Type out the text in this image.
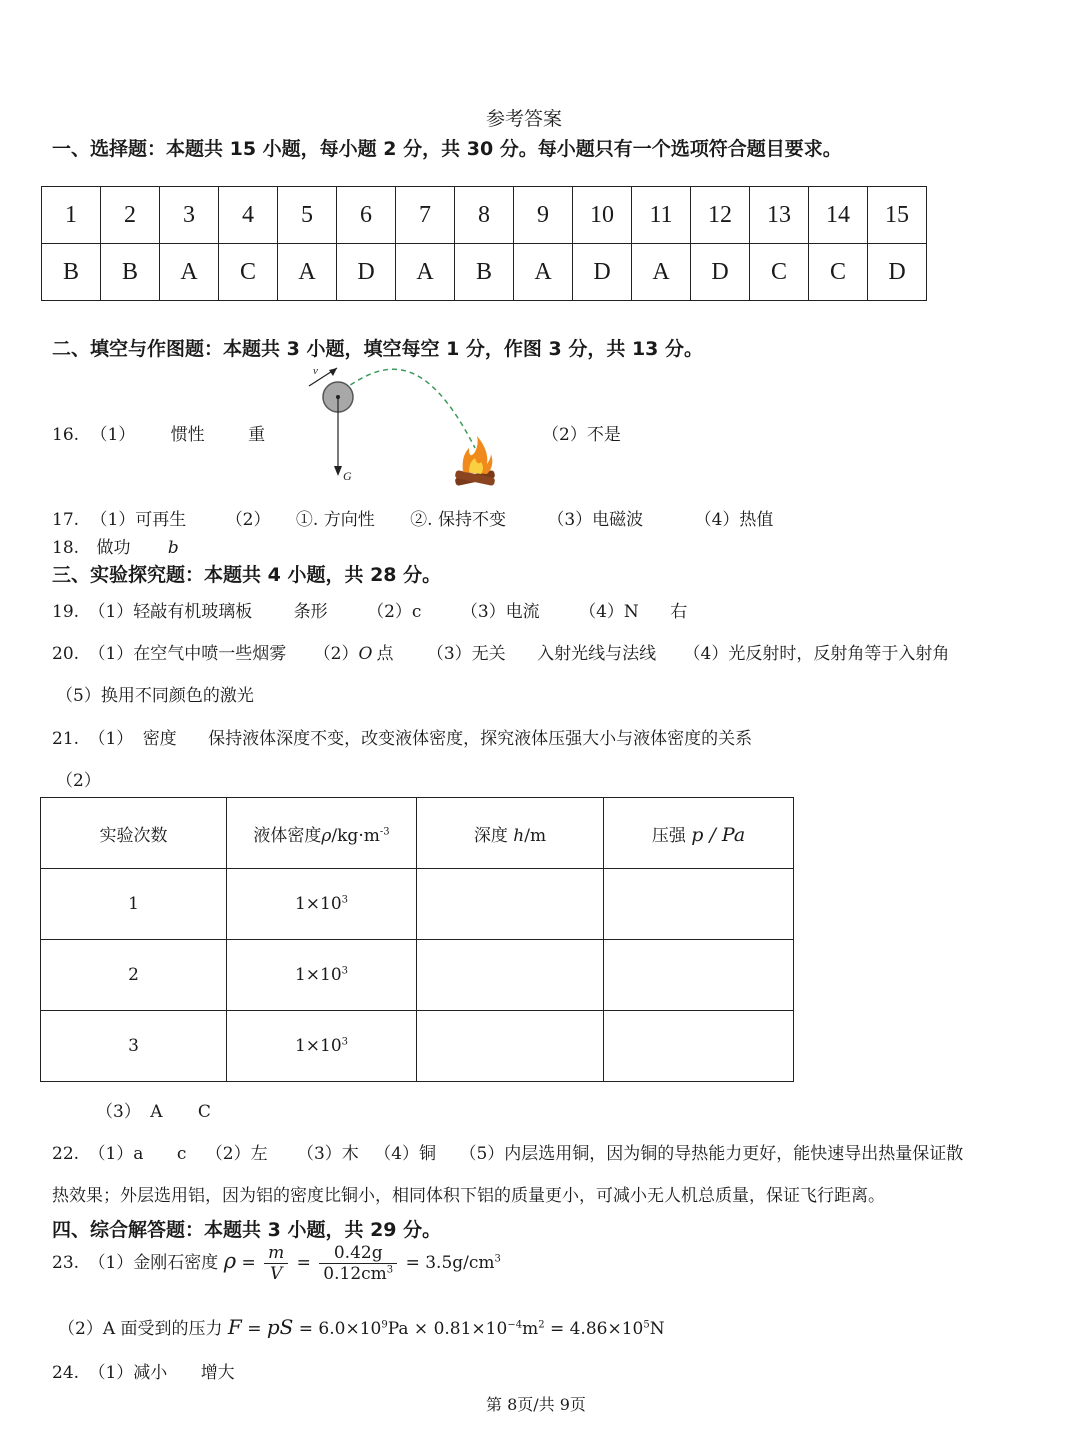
参考答案
一、选择题：本题共 15 小题，每小题 2 分，共 30 分。每小题只有一个选项符合题目要求。
1	2	3	4	5	6	7	8	9	10	11	12	13	14	15
B	B	A	C	A	D	A	B	A	D	A	D	C	C	D
二、填空与作图题：本题共 3 小题，填空每空 1 分，作图 3 分，共 13 分。
16. （1） 惯性	重	（2）不是
v
G
17. （1）可再生 （2） ①. 方向性 ②. 保持不变 （3）电磁波	（4）热值
18. 做功 b
三、实验探究题：本题共 4 小题，共 28 分。
19. （1）轻敲有机玻璃板 条形 （2）c （3）电流 （4）N 右
20. （1）在空气中喷一些烟雾 （2）O 点 （3）无关 入射光线与法线 （4）光反射时，反射角等于入射角
（5）换用不同颜色的激光
21. （1） 密度 保持液体深度不变，改变液体密度，探究液体压强大小与液体密度的关系
（2）
实验次数	液体密度$\rho/kg\cdot m^{-3}$	深度 h/m	压强 p / Pa
1	$1\times 10^3$		
2	$1\times 10^3$		
3	$1\times 10^3$		
（3） A C
22. （1）a c （2）左 （3）木 （4）铜 （5）内层选用铜，因为铜的导热能力更好，能快速导出热量保证散
热效果；外层选用铝，因为铝的密度比铜小，相同体积下铝的质量更小，可减小无人机总质量，保证飞行距离。
四、综合解答题：本题共 3 小题，共 29 分。
23. （1）金刚石密度 $\rho = \frac{m}{V} = \frac{0.42g}{0.12cm^3} = 3.5g/cm^3$
（2）A 面受到的压力 F = pS = $6.0\times 10^9Pa \times 0.81\times 10^{-4}m^2 = 4.86\times 10^5N$
24. （1）减小 增大
第 8页/共 9页
